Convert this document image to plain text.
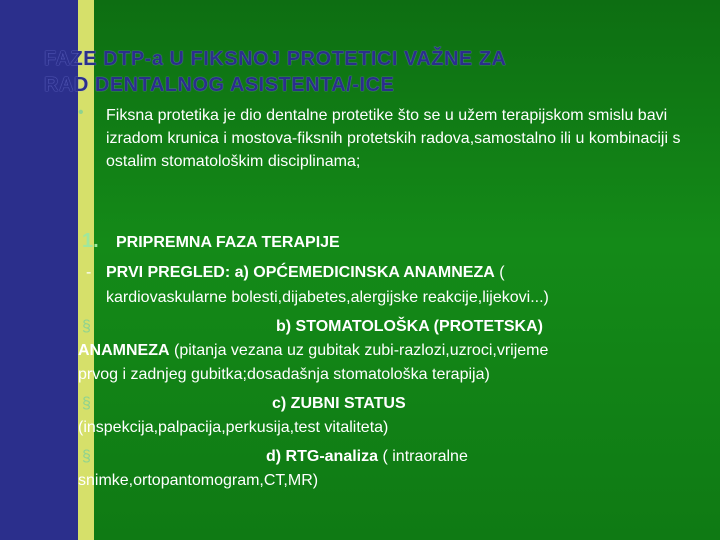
FAZE DTP-a U FIKSNOJ PROTETICI VAŽNE ZA
RAD DENTALNOG ASISTENTA/-ICE
• Fiksna protetika je dio dentalne protetike što se u užem terapijskom smislu bavi izradom krunica i mostova-fiksnih protetskih radova,samostalno ili u kombinaciji s ostalim stomatološkim disciplinama;
1. PRIPREMNA FAZA TERAPIJE
- PRVI PREGLED: a) OPĆEMEDICINSKA ANAMNEZA (
kardiovaskularne bolesti,dijabetes,alergijske reakcije,lijekovi...)
§	b) STOMATOLOŠKA (PROTETSKA)
ANAMNEZA (pitanja vezana uz gubitak zubi-razlozi,uzroci,vrijeme
prvog i zadnjeg gubitka;dosadašnja stomatološka terapija)
§	c) ZUBNI STATUS
(inspekcija,palpacija,perkusija,test vitaliteta)
§	d) RTG-analiza ( intraoralne
snimke,ortopantomogram,CT,MR)
